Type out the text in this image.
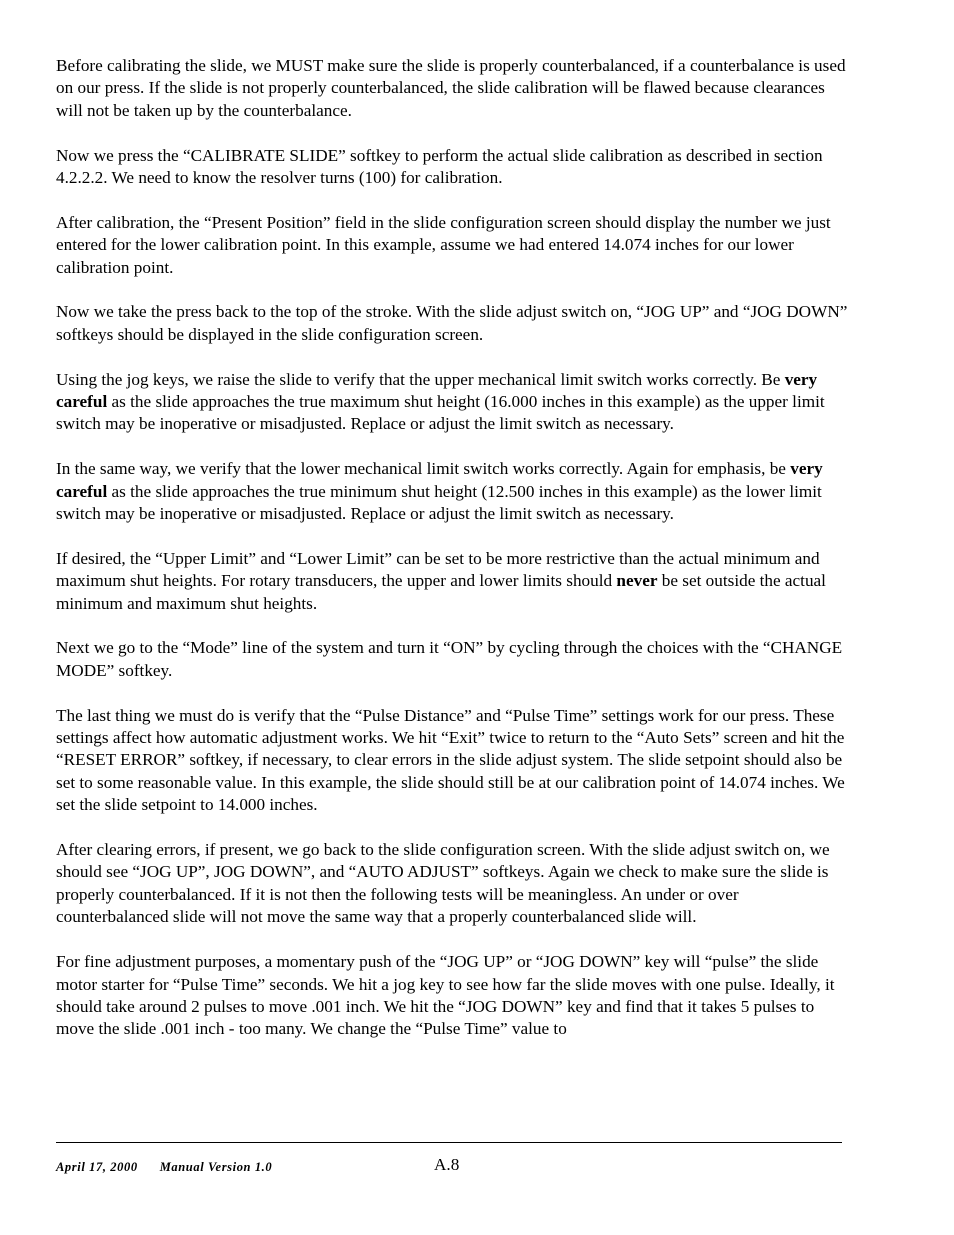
Before calibrating the slide, we MUST make sure the slide is properly counterbalanced, if a counterbalance is used on our press. If the slide is not properly counterbalanced, the slide calibration will be flawed because clearances will not be taken up by the counterbalance.

Now we press the “CALIBRATE SLIDE” softkey to perform the actual slide calibration as described in section 4.2.2.2. We need to know the resolver turns (100) for calibration.

After calibration, the “Present Position” field in the slide configuration screen should display the number we just entered for the lower calibration point. In this example, assume we had entered 14.074 inches for our lower calibration point.

Now we take the press back to the top of the stroke. With the slide adjust switch on, “JOG UP” and “JOG DOWN” softkeys should be displayed in the slide configuration screen.

Using the jog keys, we raise the slide to verify that the upper mechanical limit switch works correctly. Be very careful as the slide approaches the true maximum shut height (16.000 inches in this example) as the upper limit switch may be inoperative or misadjusted. Replace or adjust the limit switch as necessary.

In the same way, we verify that the lower mechanical limit switch works correctly. Again for emphasis, be very careful as the slide approaches the true minimum shut height (12.500 inches in this example) as the lower limit switch may be inoperative or misadjusted. Replace or adjust the limit switch as necessary.

If desired, the “Upper Limit” and “Lower Limit” can be set to be more restrictive than the actual minimum and maximum shut heights. For rotary transducers, the upper and lower limits should never be set outside the actual minimum and maximum shut heights.

Next we go to the “Mode” line of the system and turn it “ON” by cycling through the choices with the “CHANGE MODE” softkey.

The last thing we must do is verify that the “Pulse Distance” and “Pulse Time” settings work for our press. These settings affect how automatic adjustment works. We hit “Exit” twice to return to the “Auto Sets” screen and hit the “RESET ERROR” softkey, if necessary, to clear errors in the slide adjust system. The slide setpoint should also be set to some reasonable value. In this example, the slide should still be at our calibration point of 14.074 inches. We set the slide setpoint to 14.000 inches.

After clearing errors, if present, we go back to the slide configuration screen. With the slide adjust switch on, we should see “JOG UP”, JOG DOWN”, and “AUTO ADJUST” softkeys. Again we check to make sure the slide is properly counterbalanced. If it is not then the following tests will be meaningless. An under or over counterbalanced slide will not move the same way that a properly counterbalanced slide will.

For fine adjustment purposes, a momentary push of the “JOG UP” or “JOG DOWN” key will “pulse” the slide motor starter for “Pulse Time” seconds. We hit a jog key to see how far the slide moves with one pulse. Ideally, it should take around 2 pulses to move .001 inch. We hit the “JOG DOWN” key and find that it takes 5 pulses to move the slide .001 inch - too many. We change the “Pulse Time” value to

April 17, 2000 Manual Version 1.0	A.8
